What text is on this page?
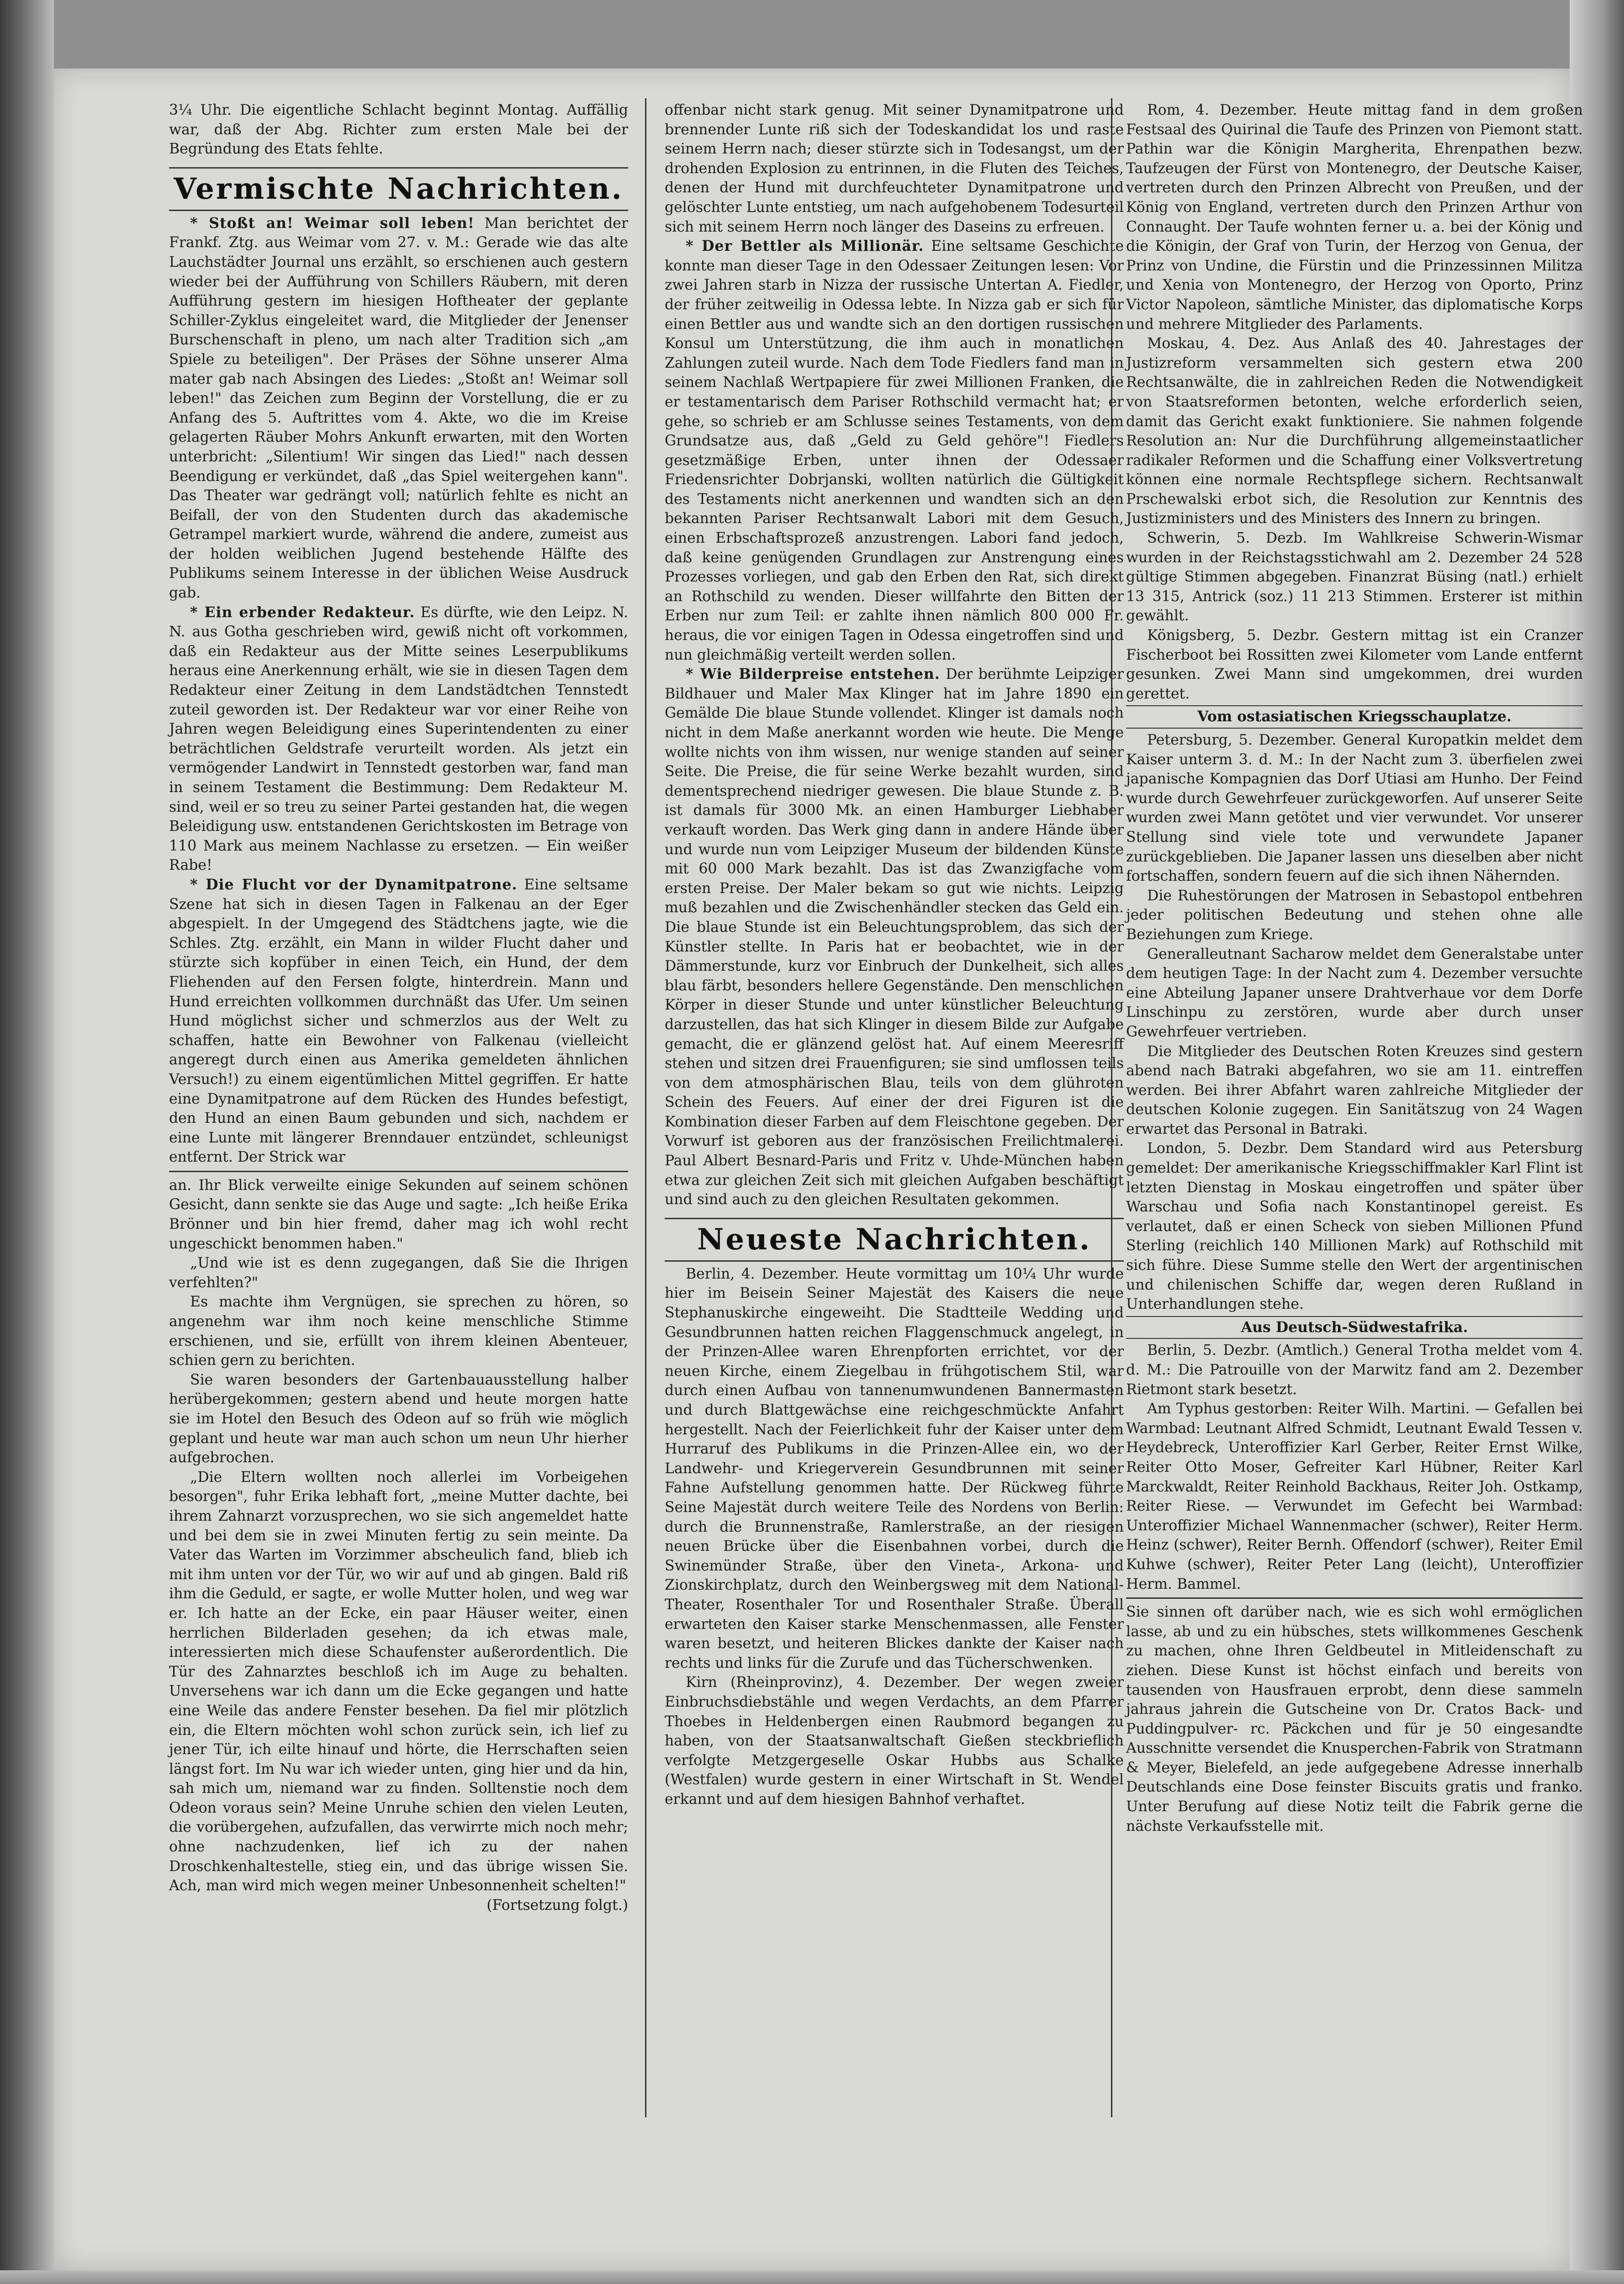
3¼ Uhr. Die eigentliche Schlacht beginnt Montag. Auffällig war, daß der Abg. Richter zum ersten Male bei der Begründung des Etats fehlte.

Vermischte Nachrichten.

* Stoßt an! Weimar soll leben! Man berichtet der Frankf. Ztg. aus Weimar vom 27. v. M.: Gerade wie das alte Lauchstädter Journal uns erzählt, so erschienen auch gestern wieder bei der Aufführung von Schillers Räubern, mit deren Aufführung gestern im hiesigen Hoftheater der geplante Schiller-Zyklus eingeleitet ward, die Mitglieder der Jenenser Burschenschaft in pleno, um nach alter Tradition sich „am Spiele zu beteiligen". Der Präses der Söhne unserer Alma mater gab nach Absingen des Liedes: „Stoßt an! Weimar soll leben!" das Zeichen zum Beginn der Vorstellung, die er zu Anfang des 5. Auftrittes vom 4. Akte, wo die im Kreise gelagerten Räuber Mohrs Ankunft erwarten, mit den Worten unterbricht: „Silentium! Wir singen das Lied!" nach dessen Beendigung er verkündet, daß „das Spiel weitergehen kann". Das Theater war gedrängt voll; natürlich fehlte es nicht an Beifall, der von den Studenten durch das akademische Getrampel markiert wurde, während die andere, zumeist aus der holden weiblichen Jugend bestehende Hälfte des Publikums seinem Interesse in der üblichen Weise Ausdruck gab.

* Ein erbender Redakteur. Es dürfte, wie den Leipz. N. N. aus Gotha geschrieben wird, gewiß nicht oft vorkommen, daß ein Redakteur aus der Mitte seines Leserpublikums heraus eine Anerkennung erhält, wie sie in diesen Tagen dem Redakteur einer Zeitung in dem Landstädtchen Tennstedt zuteil geworden ist. Der Redakteur war vor einer Reihe von Jahren wegen Beleidigung eines Superintendenten zu einer beträchtlichen Geldstrafe verurteilt worden. Als jetzt ein vermögender Landwirt in Tennstedt gestorben war, fand man in seinem Testament die Bestimmung: Dem Redakteur M. sind, weil er so treu zu seiner Partei gestanden hat, die wegen Beleidigung usw. entstandenen Gerichtskosten im Betrage von 110 Mark aus meinem Nachlasse zu ersetzen. — Ein weißer Rabe!

* Die Flucht vor der Dynamitpatrone. Eine seltsame Szene hat sich in diesen Tagen in Falkenau an der Eger abgespielt. In der Umgegend des Städtchens jagte, wie die Schles. Ztg. erzählt, ein Mann in wilder Flucht daher und stürzte sich kopfüber in einen Teich, ein Hund, der dem Fliehenden auf den Fersen folgte, hinterdrein. Mann und Hund erreichten vollkommen durchnäßt das Ufer. Um seinen Hund möglichst sicher und schmerzlos aus der Welt zu schaffen, hatte ein Bewohner von Falkenau (vielleicht angeregt durch einen aus Amerika gemeldeten ähnlichen Versuch!) zu einem eigentümlichen Mittel gegriffen. Er hatte eine Dynamitpatrone auf dem Rücken des Hundes befestigt, den Hund an einen Baum gebunden und sich, nachdem er eine Lunte mit längerer Brenndauer entzündet, schleunigst entfernt. Der Strick war

an. Ihr Blick verweilte einige Sekunden auf seinem schönen Gesicht, dann senkte sie das Auge und sagte: „Ich heiße Erika Brönner und bin hier fremd, daher mag ich wohl recht ungeschickt benommen haben."

„Und wie ist es denn zugegangen, daß Sie die Ihrigen verfehlten?"

Es machte ihm Vergnügen, sie sprechen zu hören, so angenehm war ihm noch keine menschliche Stimme erschienen, und sie, erfüllt von ihrem kleinen Abenteuer, schien gern zu berichten.

Sie waren besonders der Gartenbauausstellung halber herübergekommen; gestern abend und heute morgen hatte sie im Hotel den Besuch des Odeon auf so früh wie möglich geplant und heute war man auch schon um neun Uhr hierher aufgebrochen.

„Die Eltern wollten noch allerlei im Vorbeigehen besorgen", fuhr Erika lebhaft fort, „meine Mutter dachte, bei ihrem Zahnarzt vorzusprechen, wo sie sich angemeldet hatte und bei dem sie in zwei Minuten fertig zu sein meinte. Da Vater das Warten im Vorzimmer abscheulich fand, blieb ich mit ihm unten vor der Tür, wo wir auf und ab gingen. Bald riß ihm die Geduld, er sagte, er wolle Mutter holen, und weg war er. Ich hatte an der Ecke, ein paar Häuser weiter, einen herrlichen Bilderladen gesehen; da ich etwas male, interessierten mich diese Schaufenster außerordentlich. Die Tür des Zahnarztes beschloß ich im Auge zu behalten. Unversehens war ich dann um die Ecke gegangen und hatte eine Weile das andere Fenster besehen. Da fiel mir plötzlich ein, die Eltern möchten wohl schon zurück sein, ich lief zu jener Tür, ich eilte hinauf und hörte, die Herrschaften seien längst fort. Im Nu war ich wieder unten, ging hier und da hin, sah mich um, niemand war zu finden. Solltenstie noch dem Odeon voraus sein? Meine Unruhe schien den vielen Leuten, die vorübergehen, aufzufallen, das verwirrte mich noch mehr; ohne nachzudenken, lief ich zu der nahen Droschkenhaltestelle, stieg ein, und das übrige wissen Sie. Ach, man wird mich wegen meiner Unbesonnenheit schelten!"

(Fortsetzung folgt.)

offenbar nicht stark genug. Mit seiner Dynamitpatrone und brennender Lunte riß sich der Todeskandidat los und raste seinem Herrn nach; dieser stürzte sich in Todesangst, um der drohenden Explosion zu entrinnen, in die Fluten des Teiches, denen der Hund mit durchfeuchteter Dynamitpatrone und gelöschter Lunte entstieg, um nach aufgehobenem Todesurteil sich mit seinem Herrn noch länger des Daseins zu erfreuen.

* Der Bettler als Millionär. Eine seltsame Geschichte konnte man dieser Tage in den Odessaer Zeitungen lesen: Vor zwei Jahren starb in Nizza der russische Untertan A. Fiedler, der früher zeitweilig in Odessa lebte. In Nizza gab er sich für einen Bettler aus und wandte sich an den dortigen russischen Konsul um Unterstützung, die ihm auch in monatlichen Zahlungen zuteil wurde. Nach dem Tode Fiedlers fand man in seinem Nachlaß Wertpapiere für zwei Millionen Franken, die er testamentarisch dem Pariser Rothschild vermacht hat; er gehe, so schrieb er am Schlusse seines Testaments, von dem Grundsatze aus, daß „Geld zu Geld gehöre"! Fiedlers gesetzmäßige Erben, unter ihnen der Odessaer Friedensrichter Dobrjanski, wollten natürlich die Gültigkeit des Testaments nicht anerkennen und wandten sich an den bekannten Pariser Rechtsanwalt Labori mit dem Gesuch, einen Erbschaftsprozeß anzustrengen. Labori fand jedoch, daß keine genügenden Grundlagen zur Anstrengung eines Prozesses vorliegen, und gab den Erben den Rat, sich direkt an Rothschild zu wenden. Dieser willfahrte den Bitten der Erben nur zum Teil: er zahlte ihnen nämlich 800 000 Fr. heraus, die vor einigen Tagen in Odessa eingetroffen sind und nun gleichmäßig verteilt werden sollen.

* Wie Bilderpreise entstehen. Der berühmte Leipziger Bildhauer und Maler Max Klinger hat im Jahre 1890 ein Gemälde Die blaue Stunde vollendet. Klinger ist damals noch nicht in dem Maße anerkannt worden wie heute. Die Menge wollte nichts von ihm wissen, nur wenige standen auf seiner Seite. Die Preise, die für seine Werke bezahlt wurden, sind dementsprechend niedriger gewesen. Die blaue Stunde z. B. ist damals für 3000 Mk. an einen Hamburger Liebhaber verkauft worden. Das Werk ging dann in andere Hände über und wurde nun vom Leipziger Museum der bildenden Künste mit 60 000 Mark bezahlt. Das ist das Zwanzigfache vom ersten Preise. Der Maler bekam so gut wie nichts. Leipzig muß bezahlen und die Zwischenhändler stecken das Geld ein. Die blaue Stunde ist ein Beleuchtungsproblem, das sich der Künstler stellte. In Paris hat er beobachtet, wie in der Dämmerstunde, kurz vor Einbruch der Dunkelheit, sich alles blau färbt, besonders hellere Gegenstände. Den menschlichen Körper in dieser Stunde und unter künstlicher Beleuchtung darzustellen, das hat sich Klinger in diesem Bilde zur Aufgabe gemacht, die er glänzend gelöst hat. Auf einem Meeresriff stehen und sitzen drei Frauenfiguren; sie sind umflossen teils von dem atmosphärischen Blau, teils von dem glühroten Schein des Feuers. Auf einer der drei Figuren ist die Kombination dieser Farben auf dem Fleischtone gegeben. Der Vorwurf ist geboren aus der französischen Freilichtmalerei. Paul Albert Besnard-Paris und Fritz v. Uhde-München haben etwa zur gleichen Zeit sich mit gleichen Aufgaben beschäftigt und sind auch zu den gleichen Resultaten gekommen.

Neueste Nachrichten.

Berlin, 4. Dezember. Heute vormittag um 10¼ Uhr wurde hier im Beisein Seiner Majestät des Kaisers die neue Stephanuskirche eingeweiht. Die Stadtteile Wedding und Gesundbrunnen hatten reichen Flaggenschmuck angelegt, in der Prinzen-Allee waren Ehrenpforten errichtet, vor der neuen Kirche, einem Ziegelbau in frühgotischem Stil, war durch einen Aufbau von tannenumwundenen Bannermasten und durch Blattgewächse eine reichgeschmückte Anfahrt hergestellt. Nach der Feierlichkeit fuhr der Kaiser unter dem Hurraruf des Publikums in die Prinzen-Allee ein, wo der Landwehr- und Kriegerverein Gesundbrunnen mit seiner Fahne Aufstellung genommen hatte. Der Rückweg führte Seine Majestät durch weitere Teile des Nordens von Berlin: durch die Brunnenstraße, Ramlerstraße, an der riesigen neuen Brücke über die Eisenbahnen vorbei, durch die Swinemünder Straße, über den Vineta-, Arkona- und Zionskirchplatz, durch den Weinbergsweg mit dem National-Theater, Rosenthaler Tor und Rosenthaler Straße. Überall erwarteten den Kaiser starke Menschenmassen, alle Fenster waren besetzt, und heiteren Blickes dankte der Kaiser nach rechts und links für die Zurufe und das Tücherschwenken.

Kirn (Rheinprovinz), 4. Dezember. Der wegen zweier Einbruchsdiebstähle und wegen Verdachts, an dem Pfarrer Thoebes in Heldenbergen einen Raubmord begangen zu haben, von der Staatsanwaltschaft Gießen steckbrieflich verfolgte Metzgergeselle Oskar Hubbs aus Schalke (Westfalen) wurde gestern in einer Wirtschaft in St. Wendel erkannt und auf dem hiesigen Bahnhof verhaftet.

Rom, 4. Dezember. Heute mittag fand in dem großen Festsaal des Quirinal die Taufe des Prinzen von Piemont statt. Pathin war die Königin Margherita, Ehrenpathen bezw. Taufzeugen der Fürst von Montenegro, der Deutsche Kaiser, vertreten durch den Prinzen Albrecht von Preußen, und der König von England, vertreten durch den Prinzen Arthur von Connaught. Der Taufe wohnten ferner u. a. bei der König und die Königin, der Graf von Turin, der Herzog von Genua, der Prinz von Undine, die Fürstin und die Prinzessinnen Militza und Xenia von Montenegro, der Herzog von Oporto, Prinz Victor Napoleon, sämtliche Minister, das diplomatische Korps und mehrere Mitglieder des Parlaments.

Moskau, 4. Dez. Aus Anlaß des 40. Jahrestages der Justizreform versammelten sich gestern etwa 200 Rechtsanwälte, die in zahlreichen Reden die Notwendigkeit von Staatsreformen betonten, welche erforderlich seien, damit das Gericht exakt funktioniere. Sie nahmen folgende Resolution an: Nur die Durchführung allgemeinstaatlicher radikaler Reformen und die Schaffung einer Volksvertretung können eine normale Rechtspflege sichern. Rechtsanwalt Prschewalski erbot sich, die Resolution zur Kenntnis des Justizministers und des Ministers des Innern zu bringen.

Schwerin, 5. Dezb. Im Wahlkreise Schwerin-Wismar wurden in der Reichstagsstichwahl am 2. Dezember 24 528 gültige Stimmen abgegeben. Finanzrat Büsing (natl.) erhielt 13 315, Antrick (soz.) 11 213 Stimmen. Ersterer ist mithin gewählt.

Königsberg, 5. Dezbr. Gestern mittag ist ein Cranzer Fischerboot bei Rossitten zwei Kilometer vom Lande entfernt gesunken. Zwei Mann sind umgekommen, drei wurden gerettet.

Vom ostasiatischen Kriegsschauplatze.

Petersburg, 5. Dezember. General Kuropatkin meldet dem Kaiser unterm 3. d. M.: In der Nacht zum 3. überfielen zwei japanische Kompagnien das Dorf Utiasi am Hunho. Der Feind wurde durch Gewehrfeuer zurückgeworfen. Auf unserer Seite wurden zwei Mann getötet und vier verwundet. Vor unserer Stellung sind viele tote und verwundete Japaner zurückgeblieben. Die Japaner lassen uns dieselben aber nicht fortschaffen, sondern feuern auf die sich ihnen Nähernden.

Die Ruhestörungen der Matrosen in Sebastopol entbehren jeder politischen Bedeutung und stehen ohne alle Beziehungen zum Kriege.

Generalleutnant Sacharow meldet dem Generalstabe unter dem heutigen Tage: In der Nacht zum 4. Dezember versuchte eine Abteilung Japaner unsere Drahtverhaue vor dem Dorfe Linschinpu zu zerstören, wurde aber durch unser Gewehrfeuer vertrieben.

Die Mitglieder des Deutschen Roten Kreuzes sind gestern abend nach Batraki abgefahren, wo sie am 11. eintreffen werden. Bei ihrer Abfahrt waren zahlreiche Mitglieder der deutschen Kolonie zugegen. Ein Sanitätszug von 24 Wagen erwartet das Personal in Batraki.

London, 5. Dezbr. Dem Standard wird aus Petersburg gemeldet: Der amerikanische Kriegsschiffmakler Karl Flint ist letzten Dienstag in Moskau eingetroffen und später über Warschau und Sofia nach Konstantinopel gereist. Es verlautet, daß er einen Scheck von sieben Millionen Pfund Sterling (reichlich 140 Millionen Mark) auf Rothschild mit sich führe. Diese Summe stelle den Wert der argentinischen und chilenischen Schiffe dar, wegen deren Rußland in Unterhandlungen stehe.

Aus Deutsch-Südwestafrika.

Berlin, 5. Dezbr. (Amtlich.) General Trotha meldet vom 4. d. M.: Die Patrouille von der Marwitz fand am 2. Dezember Rietmont stark besetzt.

Am Typhus gestorben: Reiter Wilh. Martini. — Gefallen bei Warmbad: Leutnant Alfred Schmidt, Leutnant Ewald Tessen v. Heydebreck, Unteroffizier Karl Gerber, Reiter Ernst Wilke, Reiter Otto Moser, Gefreiter Karl Hübner, Reiter Karl Marckwaldt, Reiter Reinhold Backhaus, Reiter Joh. Ostkamp, Reiter Riese. — Verwundet im Gefecht bei Warmbad: Unteroffizier Michael Wannenmacher (schwer), Reiter Herm. Heinz (schwer), Reiter Bernh. Offendorf (schwer), Reiter Emil Kuhwe (schwer), Reiter Peter Lang (leicht), Unteroffizier Herm. Bammel.

Sie sinnen oft darüber nach, wie es sich wohl ermöglichen lasse, ab und zu ein hübsches, stets willkommenes Geschenk zu machen, ohne Ihren Geldbeutel in Mitleidenschaft zu ziehen. Diese Kunst ist höchst einfach und bereits von tausenden von Hausfrauen erprobt, denn diese sammeln jahraus jahrein die Gutscheine von Dr. Cratos Back- und Puddingpulver- rc. Päckchen und für je 50 eingesandte Ausschnitte versendet die Knusperchen-Fabrik von Stratmann & Meyer, Bielefeld, an jede aufgegebene Adresse innerhalb Deutschlands eine Dose feinster Biscuits gratis und franko. Unter Berufung auf diese Notiz teilt die Fabrik gerne die nächste Verkaufsstelle mit.
